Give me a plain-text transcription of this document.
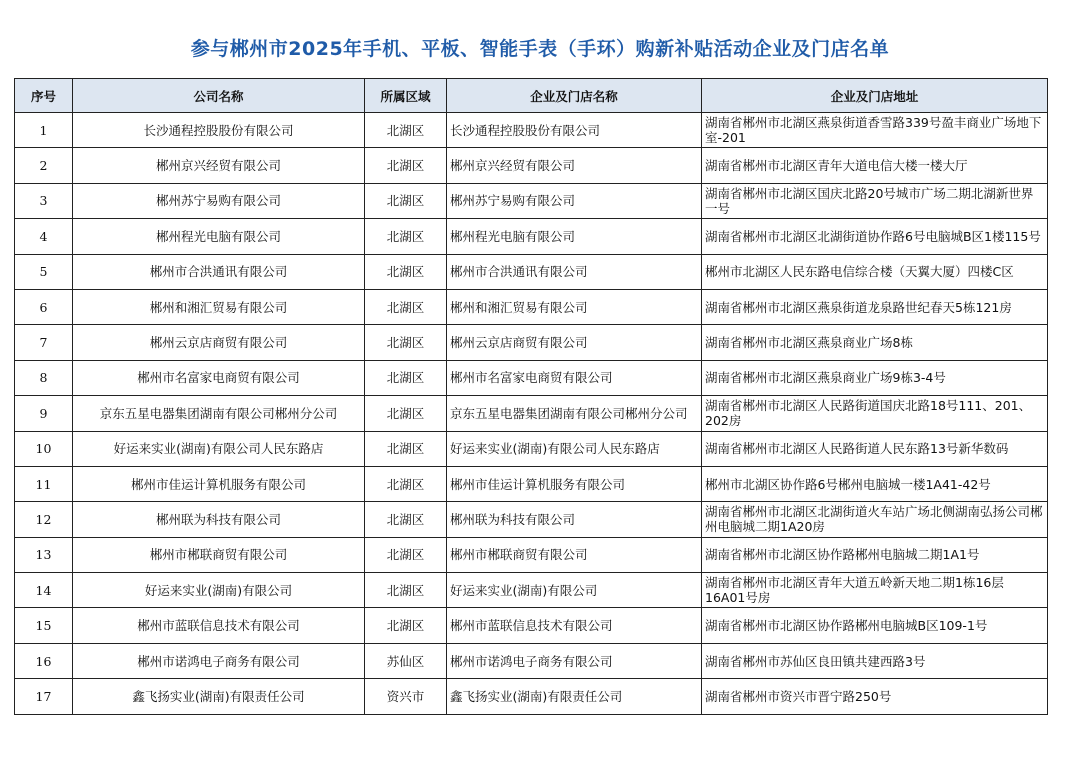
参与郴州市2025年手机、平板、智能手表（手环）购新补贴活动企业及门店名单
序号	公司名称	所属区域	企业及门店名称	企业及门店地址
1	长沙通程控股股份有限公司	北湖区	长沙通程控股股份有限公司	湖南省郴州市北湖区燕泉街道香雪路339号盈丰商业广场地下室-201
2	郴州京兴经贸有限公司	北湖区	郴州京兴经贸有限公司	湖南省郴州市北湖区青年大道电信大楼一楼大厅
3	郴州苏宁易购有限公司	北湖区	郴州苏宁易购有限公司	湖南省郴州市北湖区国庆北路20号城市广场二期北湖新世界一号
4	郴州程光电脑有限公司	北湖区	郴州程光电脑有限公司	湖南省郴州市北湖区北湖街道协作路6号电脑城B区1楼115号
5	郴州市合洪通讯有限公司	北湖区	郴州市合洪通讯有限公司	郴州市北湖区人民东路电信综合楼（天翼大厦）四楼C区
6	郴州和湘汇贸易有限公司	北湖区	郴州和湘汇贸易有限公司	湖南省郴州市北湖区燕泉街道龙泉路世纪春天5栋121房
7	郴州云京店商贸有限公司	北湖区	郴州云京店商贸有限公司	湖南省郴州市北湖区燕泉商业广场8栋
8	郴州市名富家电商贸有限公司	北湖区	郴州市名富家电商贸有限公司	湖南省郴州市北湖区燕泉商业广场9栋3-4号
9	京东五星电器集团湖南有限公司郴州分公司	北湖区	京东五星电器集团湖南有限公司郴州分公司	湖南省郴州市北湖区人民路街道国庆北路18号111、201、202房
10	好运来实业(湖南)有限公司人民东路店	北湖区	好运来实业(湖南)有限公司人民东路店	湖南省郴州市北湖区人民路街道人民东路13号新华数码
11	郴州市佳运计算机服务有限公司	北湖区	郴州市佳运计算机服务有限公司	郴州市北湖区协作路6号郴州电脑城一楼1A41-42号
12	郴州联为科技有限公司	北湖区	郴州联为科技有限公司	湖南省郴州市北湖区北湖街道火车站广场北侧湖南弘扬公司郴州电脑城二期1A20房
13	郴州市郴联商贸有限公司	北湖区	郴州市郴联商贸有限公司	湖南省郴州市北湖区协作路郴州电脑城二期1A1号
14	好运来实业(湖南)有限公司	北湖区	好运来实业(湖南)有限公司	湖南省郴州市北湖区青年大道五岭新天地二期1栋16层16A01号房
15	郴州市蓝联信息技术有限公司	北湖区	郴州市蓝联信息技术有限公司	湖南省郴州市北湖区协作路郴州电脑城B区109-1号
16	郴州市诺鸿电子商务有限公司	苏仙区	郴州市诺鸿电子商务有限公司	湖南省郴州市苏仙区良田镇共建西路3号
17	鑫飞扬实业(湖南)有限责任公司	资兴市	鑫飞扬实业(湖南)有限责任公司	湖南省郴州市资兴市晋宁路250号
